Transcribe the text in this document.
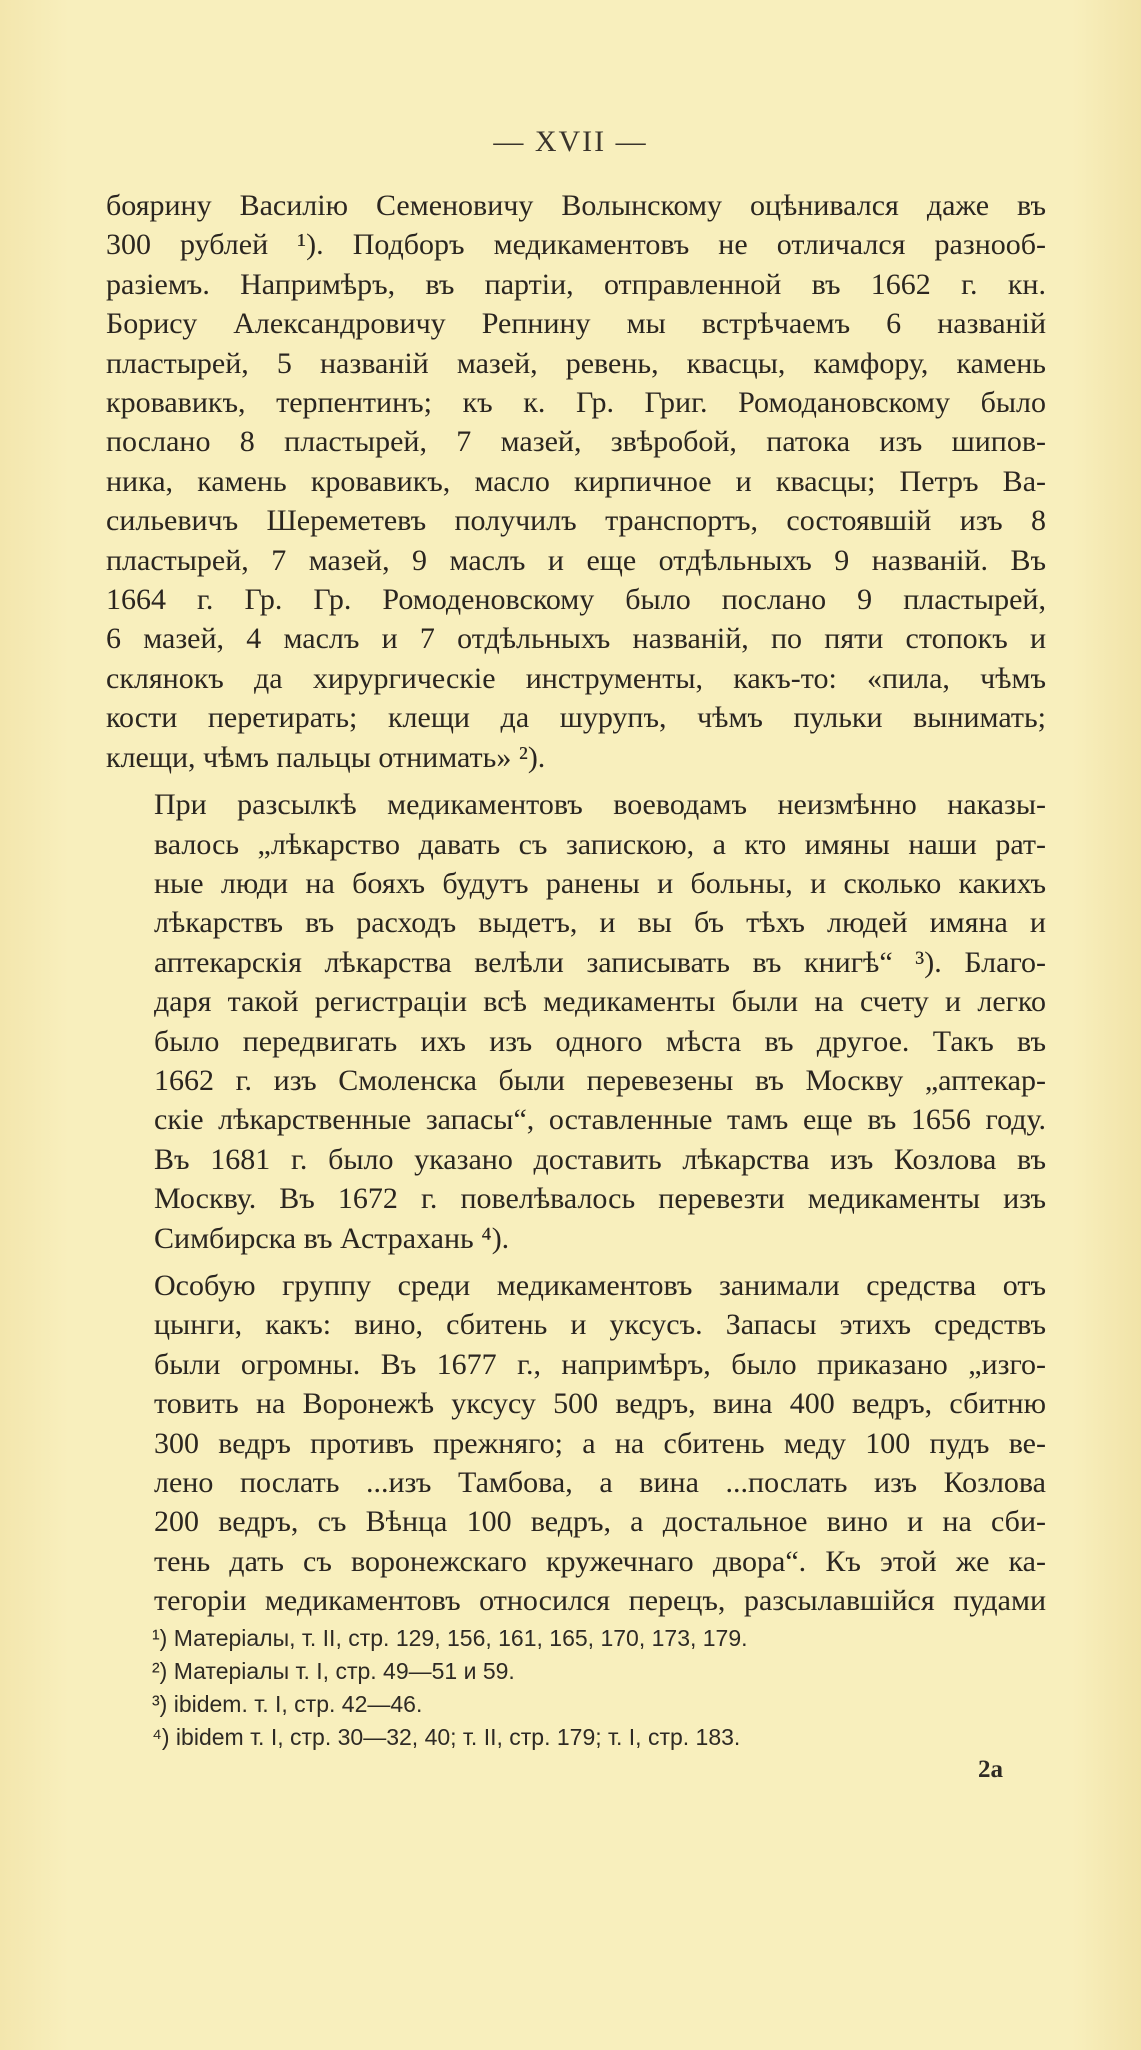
— XVII —

боярину Василію Семеновичу Волынскому оцѣнивался даже въ
300 рублей ¹). Подборъ медикаментовъ не отличался разнооб-
разіемъ. Напримѣръ, въ партіи, отправленной въ 1662 г. кн.
Борису Александровичу Репнину мы встрѣчаемъ 6 названій
пластырей, 5 названій мазей, ревень, квасцы, камфору, камень
кровавикъ, терпентинъ; къ к. Гр. Григ. Ромодановскому было
послано 8 пластырей, 7 мазей, звѣробой, патока изъ шипов-
ника, камень кровавикъ, масло кирпичное и квасцы; Петръ Ва-
сильевичъ Шереметевъ получилъ транспортъ, состоявшій изъ 8
пластырей, 7 мазей, 9 маслъ и еще отдѣльныхъ 9 названій. Въ
1664 г. Гр. Гр. Ромоденовскому было послано 9 пластырей,
6 мазей, 4 маслъ и 7 отдѣльныхъ названій, по пяти стопокъ и
склянокъ да хирургическіе инструменты, какъ-то: «пила, чѣмъ
кости перетирать; клещи да шурупъ, чѣмъ пульки вынимать;
клещи, чѣмъ пальцы отнимать» ²).

При разсылкѣ медикаментовъ воеводамъ неизмѣнно наказы-
валось „лѣкарство давать съ запискою, а кто имяны наши рат-
ные люди на бояхъ будутъ ранены и больны, и сколько какихъ
лѣкарствъ въ расходъ выдетъ, и вы бъ тѣхъ людей имяна и
аптекарскія лѣкарства велѣли записывать въ книгѣ“ ³). Благо-
даря такой регистраціи всѣ медикаменты были на счету и легко
было передвигать ихъ изъ одного мѣста въ другое. Такъ въ
1662 г. изъ Смоленска были перевезены въ Москву „аптекар-
скіе лѣкарственные запасы“, оставленные тамъ еще въ 1656 году.
Въ 1681 г. было указано доставить лѣкарства изъ Козлова въ
Москву. Въ 1672 г. повелѣвалось перевезти медикаменты изъ
Симбирска въ Астрахань ⁴).

Особую группу среди медикаментовъ занимали средства отъ
цынги, какъ: вино, сбитень и уксусъ. Запасы этихъ средствъ
были огромны. Въ 1677 г., напримѣръ, было приказано „изго-
товить на Воронежѣ уксусу 500 ведръ, вина 400 ведръ, сбитню
300 ведръ противъ прежняго; а на сбитень меду 100 пудъ ве-
лено послать ...изъ Тамбова, а вина ...послать изъ Козлова
200 ведръ, съ Вѣнца 100 ведръ, а достальное вино и на сби-
тень дать съ воронежскаго кружечнаго двора“. Къ этой же ка-
тегоріи медикаментовъ относился перецъ, разсылавшійся пудами

¹) Матеріалы, т. II, стр. 129, 156, 161, 165, 170, 173, 179.
²) Матеріалы т. I, стр. 49—51 и 59.
³) ibidem. т. I, стр. 42—46.
⁴) ibidem т. I, стр. 30—32, 40; т. II, стр. 179; т. I, стр. 183.
2a
